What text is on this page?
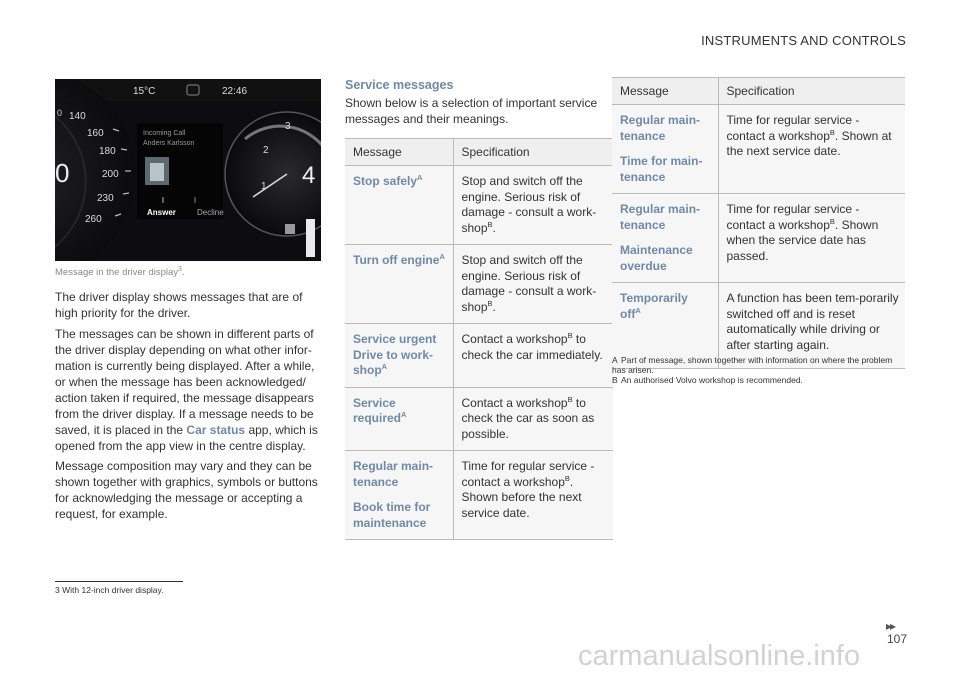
INSTRUMENTS AND CONTROLS
15°C	22:46
0 140
160
180
200
230
260
0
Incoming Call
Anders Karlsson
Answer	Decline
3
2
1 4
Message in the driver display$^3$.
The driver display shows messages that are of high priority for the driver.
The messages can be shown in different parts of the driver display depending on what other infor-mation is currently being displayed. After a while, or when the message has been acknowledged/ action taken if required, the message disappears from the driver display. If a message needs to be saved, it is placed in the Car status app, which is opened from the app view in the centre display.
Message composition may vary and they can be shown together with graphics, symbols or buttons for acknowledging the message or accepting a request, for example.
Service messages
Shown below is a selection of important service messages and their meanings.
Message	Specification

Stop safely$^A$	Stop and switch off the engine. Serious risk of damage - consult a work-shop$^B$.

Turn off engine$^A$	Stop and switch off the engine. Serious risk of damage - consult a work-shop$^B$.

Service urgent Drive to work-shop$^A$	Contact a workshop$^B$ to check the car immediately.

Service required$^A$	Contact a workshop$^B$ to check the car as soon as possible.

Regular main-tenance
Book time for maintenance	Time for regular service - contact a workshop$^B$. Shown before the next service date.
Message	Specification

Regular main-tenance
Time for main-tenance	Time for regular service - contact a workshop$^B$. Shown at the next service date.

Regular main-tenance
Maintenance overdue	Time for regular service - contact a workshop$^B$. Shown when the service date has passed.

Temporarily off$^A$	A function has been tem-porarily switched off and is reset automatically while driving or after starting again.
A Part of message, shown together with information on where the problem has arisen.
B An authorised Volvo workshop is recommended.
3 With 12-inch driver display.
▸▸
107
carmanualsonline.info
